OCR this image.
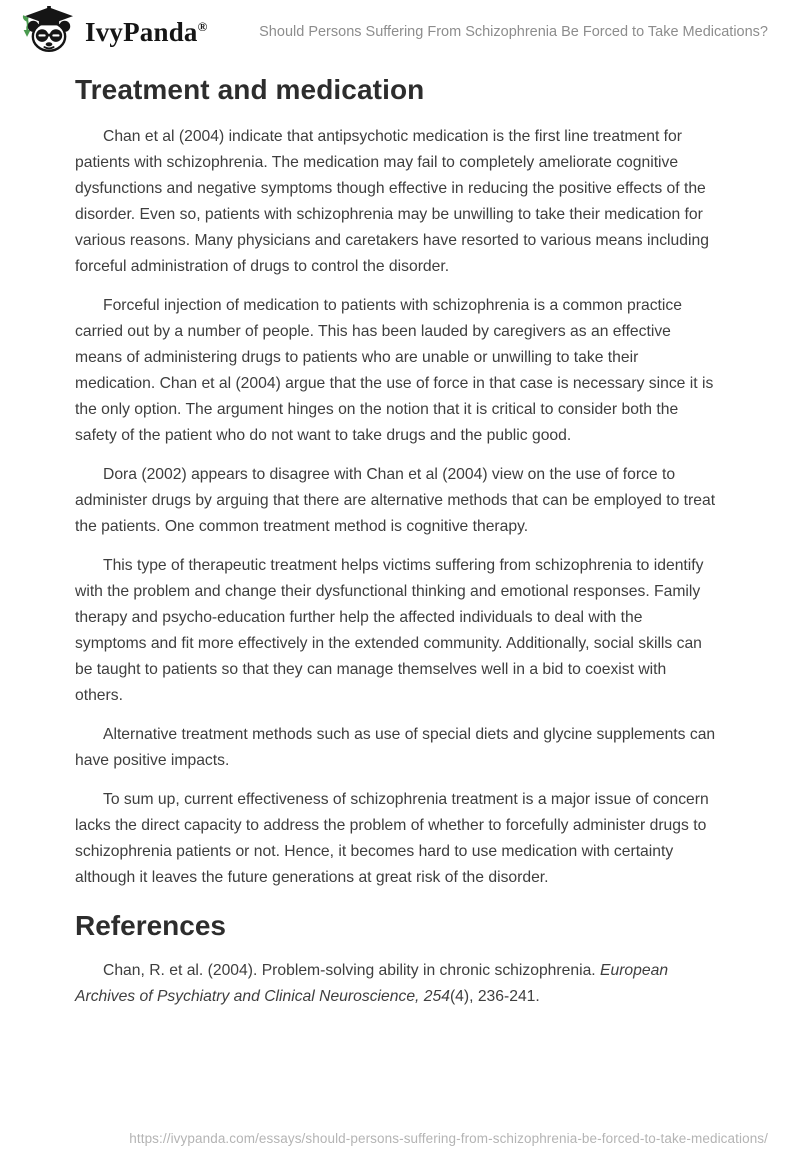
IvyPanda®	Should Persons Suffering From Schizophrenia Be Forced to Take Medications?
Treatment and medication

Chan et al (2004) indicate that antipsychotic medication is the first line treatment for patients with schizophrenia. The medication may fail to completely ameliorate cognitive dysfunctions and negative symptoms though effective in reducing the positive effects of the disorder. Even so, patients with schizophrenia may be unwilling to take their medication for various reasons. Many physicians and caretakers have resorted to various means including forceful administration of drugs to control the disorder.

Forceful injection of medication to patients with schizophrenia is a common practice carried out by a number of people. This has been lauded by caregivers as an effective means of administering drugs to patients who are unable or unwilling to take their medication. Chan et al (2004) argue that the use of force in that case is necessary since it is the only option. The argument hinges on the notion that it is critical to consider both the safety of the patient who do not want to take drugs and the public good.

Dora (2002) appears to disagree with Chan et al (2004) view on the use of force to administer drugs by arguing that there are alternative methods that can be employed to treat the patients. One common treatment method is cognitive therapy.

This type of therapeutic treatment helps victims suffering from schizophrenia to identify with the problem and change their dysfunctional thinking and emotional responses. Family therapy and psycho-education further help the affected individuals to deal with the symptoms and fit more effectively in the extended community. Additionally, social skills can be taught to patients so that they can manage themselves well in a bid to coexist with others.

Alternative treatment methods such as use of special diets and glycine supplements can have positive impacts.

To sum up, current effectiveness of schizophrenia treatment is a major issue of concern lacks the direct capacity to address the problem of whether to forcefully administer drugs to schizophrenia patients or not. Hence, it becomes hard to use medication with certainty although it leaves the future generations at great risk of the disorder.

References

Chan, R. et al. (2004). Problem-solving ability in chronic schizophrenia. European Archives of Psychiatry and Clinical Neuroscience, 254(4), 236-241.

https://ivypanda.com/essays/should-persons-suffering-from-schizophrenia-be-forced-to-take-medications/
